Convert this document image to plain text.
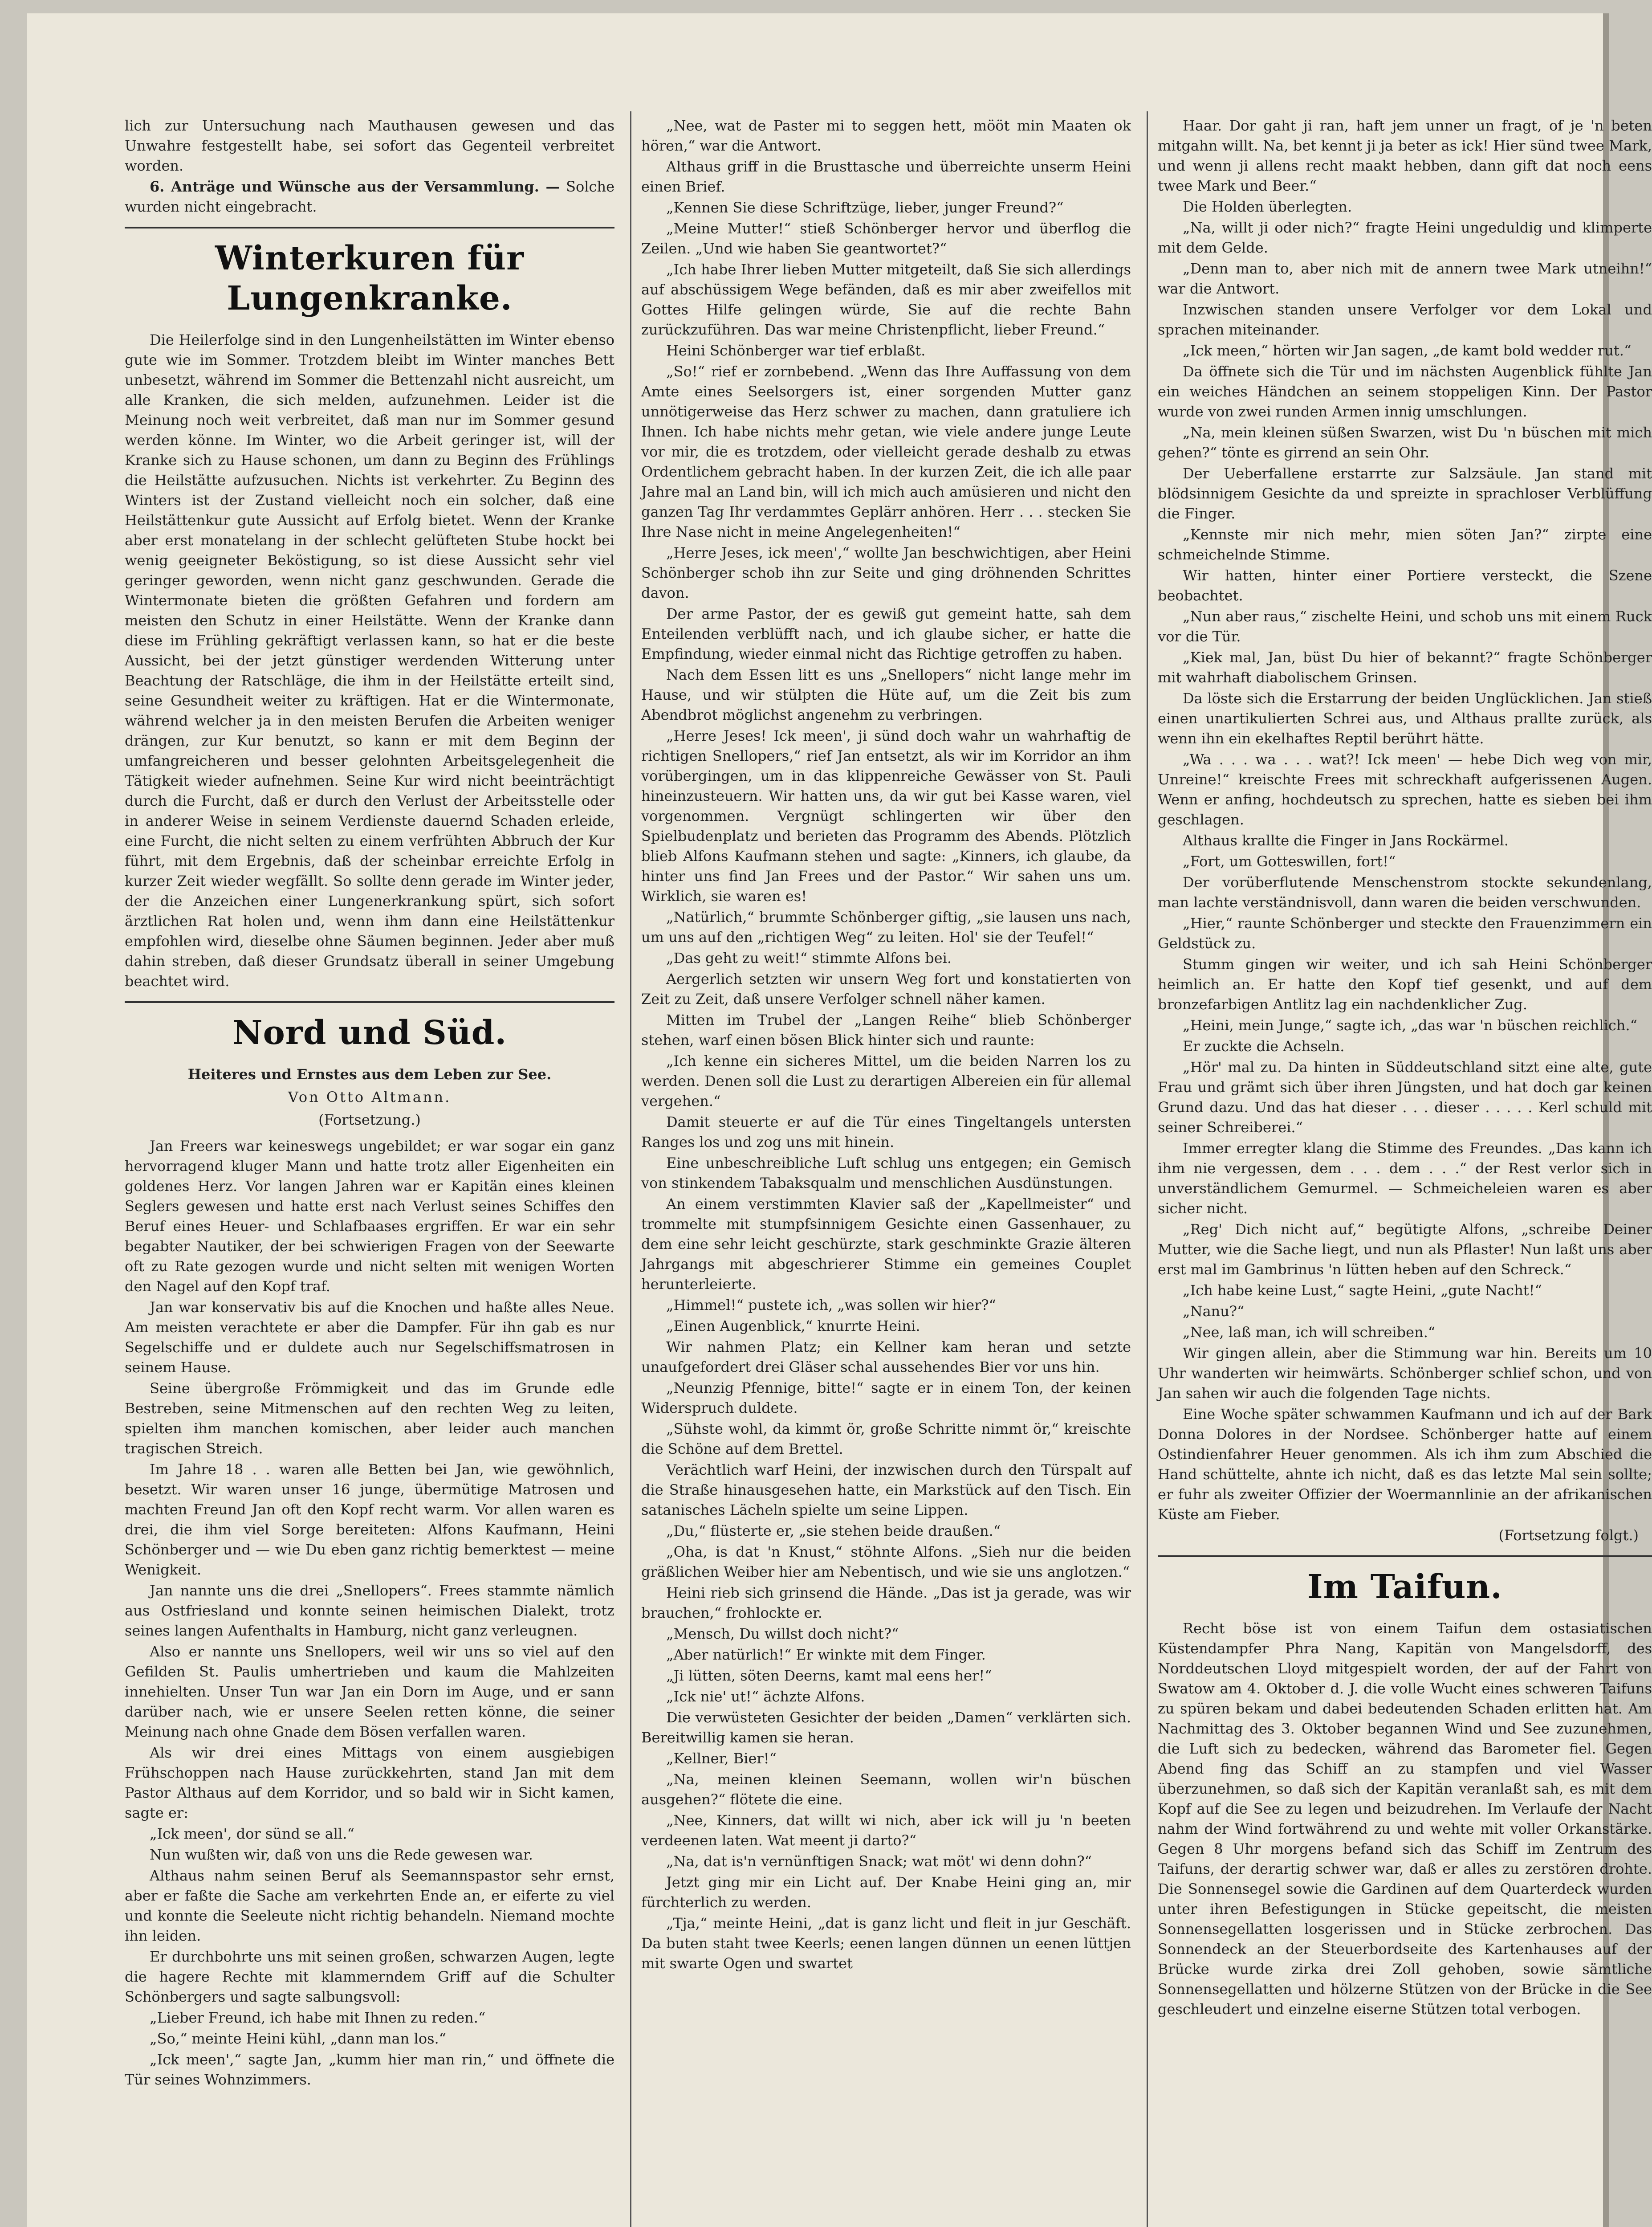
lich zur Untersuchung nach Mauthausen gewesen und das Unwahre festgestellt habe, sei sofort das Gegenteil verbreitet worden.

6. Anträge und Wünsche aus der Versammlung. — Solche wurden nicht eingebracht.

Winterkuren für Lungenkranke.

Die Heilerfolge sind in den Lungenheilstätten im Winter ebenso gute wie im Sommer. Trotzdem bleibt im Winter manches Bett unbesetzt, während im Sommer die Bettenzahl nicht ausreicht, um alle Kranken, die sich melden, aufzunehmen. Leider ist die Meinung noch weit verbreitet, daß man nur im Sommer gesund werden könne. Im Winter, wo die Arbeit geringer ist, will der Kranke sich zu Hause schonen, um dann zu Beginn des Frühlings die Heilstätte aufzusuchen. Nichts ist verkehrter. Zu Beginn des Winters ist der Zustand vielleicht noch ein solcher, daß eine Heilstättenkur gute Aussicht auf Erfolg bietet. Wenn der Kranke aber erst monatelang in der schlecht gelüfteten Stube hockt bei wenig geeigneter Beköstigung, so ist diese Aussicht sehr viel geringer geworden, wenn nicht ganz geschwunden. Gerade die Wintermonate bieten die größten Gefahren und fordern am meisten den Schutz in einer Heilstätte. Wenn der Kranke dann diese im Frühling gekräftigt verlassen kann, so hat er die beste Aussicht, bei der jetzt günstiger werdenden Witterung unter Beachtung der Ratschläge, die ihm in der Heilstätte erteilt sind, seine Gesundheit weiter zu kräftigen. Hat er die Wintermonate, während welcher ja in den meisten Berufen die Arbeiten weniger drängen, zur Kur benutzt, so kann er mit dem Beginn der umfangreicheren und besser gelohnten Arbeitsgelegenheit die Tätigkeit wieder aufnehmen. Seine Kur wird nicht beeinträchtigt durch die Furcht, daß er durch den Verlust der Arbeitsstelle oder in anderer Weise in seinem Verdienste dauernd Schaden erleide, eine Furcht, die nicht selten zu einem verfrühten Abbruch der Kur führt, mit dem Ergebnis, daß der scheinbar erreichte Erfolg in kurzer Zeit wieder wegfällt. So sollte denn gerade im Winter jeder, der die Anzeichen einer Lungenerkrankung spürt, sich sofort ärztlichen Rat holen und, wenn ihm dann eine Heilstättenkur empfohlen wird, dieselbe ohne Säumen beginnen. Jeder aber muß dahin streben, daß dieser Grundsatz überall in seiner Umgebung beachtet wird.

Nord und Süd.
Heiteres und Ernstes aus dem Leben zur See.
Von Otto Altmann.
(Fortsetzung.)

Jan Freers war keineswegs ungebildet; er war sogar ein ganz hervorragend kluger Mann und hatte trotz aller Eigenheiten ein goldenes Herz. Vor langen Jahren war er Kapitän eines kleinen Seglers gewesen und hatte erst nach Verlust seines Schiffes den Beruf eines Heuer- und Schlafbaases ergriffen. Er war ein sehr begabter Nautiker, der bei schwierigen Fragen von der Seewarte oft zu Rate gezogen wurde und nicht selten mit wenigen Worten den Nagel auf den Kopf traf.

Jan war konservativ bis auf die Knochen und haßte alles Neue. Am meisten verachtete er aber die Dampfer. Für ihn gab es nur Segelschiffe und er duldete auch nur Segelschiffsmatrosen in seinem Hause.

Seine übergroße Frömmigkeit und das im Grunde edle Bestreben, seine Mitmenschen auf den rechten Weg zu leiten, spielten ihm manchen komischen, aber leider auch manchen tragischen Streich.

Im Jahre 18 . . waren alle Betten bei Jan, wie gewöhnlich, besetzt. Wir waren unser 16 junge, übermütige Matrosen und machten Freund Jan oft den Kopf recht warm. Vor allen waren es drei, die ihm viel Sorge bereiteten: Alfons Kaufmann, Heini Schönberger und — wie Du eben ganz richtig bemerktest — meine Wenigkeit.

Jan nannte uns die drei „Snellopers“. Frees stammte nämlich aus Ostfriesland und konnte seinen heimischen Dialekt, trotz seines langen Aufenthalts in Hamburg, nicht ganz verleugnen.

Also er nannte uns Snellopers, weil wir uns so viel auf den Gefilden St. Paulis umhertrieben und kaum die Mahlzeiten innehielten. Unser Tun war Jan ein Dorn im Auge, und er sann darüber nach, wie er unsere Seelen retten könne, die seiner Meinung nach ohne Gnade dem Bösen verfallen waren.

Als wir drei eines Mittags von einem ausgiebigen Frühschoppen nach Hause zurückkehrten, stand Jan mit dem Pastor Althaus auf dem Korridor, und so bald wir in Sicht kamen, sagte er:

„Ick meen', dor sünd se all.“

Nun wußten wir, daß von uns die Rede gewesen war.

Althaus nahm seinen Beruf als Seemannspastor sehr ernst, aber er faßte die Sache am verkehrten Ende an, er eiferte zu viel und konnte die Seeleute nicht richtig behandeln. Niemand mochte ihn leiden.

Er durchbohrte uns mit seinen großen, schwarzen Augen, legte die hagere Rechte mit klammerndem Griff auf die Schulter Schönbergers und sagte salbungsvoll:

„Lieber Freund, ich habe mit Ihnen zu reden.“

„So,“ meinte Heini kühl, „dann man los.“

„Ick meen',“ sagte Jan, „kumm hier man rin,“ und öffnete die Tür seines Wohnzimmers.

„Nee, wat de Paster mi to seggen hett, mööt min Maaten ok hören,“ war die Antwort.

Althaus griff in die Brusttasche und überreichte unserm Heini einen Brief.

„Kennen Sie diese Schriftzüge, lieber, junger Freund?“

„Meine Mutter!“ stieß Schönberger hervor und überflog die Zeilen. „Und wie haben Sie geantwortet?“

„Ich habe Ihrer lieben Mutter mitgeteilt, daß Sie sich allerdings auf abschüssigem Wege befänden, daß es mir aber zweifellos mit Gottes Hilfe gelingen würde, Sie auf die rechte Bahn zurückzuführen. Das war meine Christenpflicht, lieber Freund.“

Heini Schönberger war tief erblaßt.

„So!“ rief er zornbebend. „Wenn das Ihre Auffassung von dem Amte eines Seelsorgers ist, einer sorgenden Mutter ganz unnötigerweise das Herz schwer zu machen, dann gratuliere ich Ihnen. Ich habe nichts mehr getan, wie viele andere junge Leute vor mir, die es trotzdem, oder vielleicht gerade deshalb zu etwas Ordentlichem gebracht haben. In der kurzen Zeit, die ich alle paar Jahre mal an Land bin, will ich mich auch amüsieren und nicht den ganzen Tag Ihr verdammtes Geplärr anhören. Herr . . . stecken Sie Ihre Nase nicht in meine Angelegenheiten!“

„Herre Jeses, ick meen',“ wollte Jan beschwichtigen, aber Heini Schönberger schob ihn zur Seite und ging dröhnenden Schrittes davon.

Der arme Pastor, der es gewiß gut gemeint hatte, sah dem Enteilenden verblüfft nach, und ich glaube sicher, er hatte die Empfindung, wieder einmal nicht das Richtige getroffen zu haben.

Nach dem Essen litt es uns „Snellopers“ nicht lange mehr im Hause, und wir stülpten die Hüte auf, um die Zeit bis zum Abendbrot möglichst angenehm zu verbringen.

„Herre Jeses! Ick meen', ji sünd doch wahr un wahrhaftig de richtigen Snellopers,“ rief Jan entsetzt, als wir im Korridor an ihm vorübergingen, um in das klippenreiche Gewässer von St. Pauli hineinzusteuern. Wir hatten uns, da wir gut bei Kasse waren, viel vorgenommen. Vergnügt schlingerten wir über den Spielbudenplatz und berieten das Programm des Abends. Plötzlich blieb Alfons Kaufmann stehen und sagte: „Kinners, ich glaube, da hinter uns find Jan Frees und der Pastor.“ Wir sahen uns um. Wirklich, sie waren es!

„Natürlich,“ brummte Schönberger giftig, „sie lausen uns nach, um uns auf den „richtigen Weg“ zu leiten. Hol' sie der Teufel!“

„Das geht zu weit!“ stimmte Alfons bei.

Aergerlich setzten wir unsern Weg fort und konstatierten von Zeit zu Zeit, daß unsere Verfolger schnell näher kamen.

Mitten im Trubel der „Langen Reihe“ blieb Schönberger stehen, warf einen bösen Blick hinter sich und raunte:

„Ich kenne ein sicheres Mittel, um die beiden Narren los zu werden. Denen soll die Lust zu derartigen Albereien ein für allemal vergehen.“

Damit steuerte er auf die Tür eines Tingeltangels untersten Ranges los und zog uns mit hinein.

Eine unbeschreibliche Luft schlug uns entgegen; ein Gemisch von stinkendem Tabaksqualm und menschlichen Ausdünstungen.

An einem verstimmten Klavier saß der „Kapellmeister“ und trommelte mit stumpfsinnigem Gesichte einen Gassenhauer, zu dem eine sehr leicht geschürzte, stark geschminkte Grazie älteren Jahrgangs mit abgeschrierer Stimme ein gemeines Couplet herunterleierte.

„Himmel!“ pustete ich, „was sollen wir hier?“

„Einen Augenblick,“ knurrte Heini.

Wir nahmen Platz; ein Kellner kam heran und setzte unaufgefordert drei Gläser schal aussehendes Bier vor uns hin.

„Neunzig Pfennige, bitte!“ sagte er in einem Ton, der keinen Widerspruch duldete.

„Sühste wohl, da kimmt ör, große Schritte nimmt ör,“ kreischte die Schöne auf dem Brettel.

Verächtlich warf Heini, der inzwischen durch den Türspalt auf die Straße hinausgesehen hatte, ein Markstück auf den Tisch. Ein satanisches Lächeln spielte um seine Lippen.

„Du,“ flüsterte er, „sie stehen beide draußen.“

„Oha, is dat 'n Knust,“ stöhnte Alfons. „Sieh nur die beiden gräßlichen Weiber hier am Nebentisch, und wie sie uns anglotzen.“

Heini rieb sich grinsend die Hände. „Das ist ja gerade, was wir brauchen,“ frohlockte er.

„Mensch, Du willst doch nicht?“

„Aber natürlich!“ Er winkte mit dem Finger.

„Ji lütten, söten Deerns, kamt mal eens her!“

„Ick nie' ut!“ ächzte Alfons.

Die verwüsteten Gesichter der beiden „Damen“ verklärten sich. Bereitwillig kamen sie heran.

„Kellner, Bier!“

„Na, meinen kleinen Seemann, wollen wir'n büschen ausgehen?“ flötete die eine.

„Nee, Kinners, dat willt wi nich, aber ick will ju 'n beeten verdeenen laten. Wat meent ji darto?“

„Na, dat is'n vernünftigen Snack; wat möt' wi denn dohn?“

Jetzt ging mir ein Licht auf. Der Knabe Heini ging an, mir fürchterlich zu werden.

„Tja,“ meinte Heini, „dat is ganz licht und fleit in jur Geschäft. Da buten staht twee Keerls; eenen langen dünnen un eenen lüttjen mit swarte Ogen und swartet

Haar. Dor gaht ji ran, haft jem unner un fragt, of je 'n beten mitgahn willt. Na, bet kennt ji ja beter as ick! Hier sünd twee Mark, und wenn ji allens recht maakt hebben, dann gift dat noch eens twee Mark und Beer.“

Die Holden überlegten.

„Na, willt ji oder nich?“ fragte Heini ungeduldig und klimperte mit dem Gelde.

„Denn man to, aber nich mit de annern twee Mark utneihn!“ war die Antwort.

Inzwischen standen unsere Verfolger vor dem Lokal und sprachen miteinander.

„Ick meen,“ hörten wir Jan sagen, „de kamt bold wedder rut.“

Da öffnete sich die Tür und im nächsten Augenblick fühlte Jan ein weiches Händchen an seinem stoppeligen Kinn. Der Pastor wurde von zwei runden Armen innig umschlungen.

„Na, mein kleinen süßen Swarzen, wist Du 'n büschen mit mich gehen?“ tönte es girrend an sein Ohr.

Der Ueberfallene erstarrte zur Salzsäule. Jan stand mit blödsinnigem Gesichte da und spreizte in sprachloser Verblüffung die Finger.

„Kennste mir nich mehr, mien söten Jan?“ zirpte eine schmeichelnde Stimme.

Wir hatten, hinter einer Portiere versteckt, die Szene beobachtet.

„Nun aber raus,“ zischelte Heini, und schob uns mit einem Ruck vor die Tür.

„Kiek mal, Jan, büst Du hier of bekannt?“ fragte Schönberger mit wahrhaft diabolischem Grinsen.

Da löste sich die Erstarrung der beiden Unglücklichen. Jan stieß einen unartikulierten Schrei aus, und Althaus prallte zurück, als wenn ihn ein ekelhaftes Reptil berührt hätte.

„Wa . . . wa . . . wat?! Ick meen' — hebe Dich weg von mir, Unreine!“ kreischte Frees mit schreckhaft aufgerissenen Augen. Wenn er anfing, hochdeutsch zu sprechen, hatte es sieben bei ihm geschlagen.

Althaus krallte die Finger in Jans Rockärmel.

„Fort, um Gotteswillen, fort!“

Der vorüberflutende Menschenstrom stockte sekundenlang, man lachte verständnisvoll, dann waren die beiden verschwunden.

„Hier,“ raunte Schönberger und steckte den Frauenzimmern ein Geldstück zu.

Stumm gingen wir weiter, und ich sah Heini Schönberger heimlich an. Er hatte den Kopf tief gesenkt, und auf dem bronzefarbigen Antlitz lag ein nachdenklicher Zug.

„Heini, mein Junge,“ sagte ich, „das war 'n büschen reichlich.“

Er zuckte die Achseln.

„Hör' mal zu. Da hinten in Süddeutschland sitzt eine alte, gute Frau und grämt sich über ihren Jüngsten, und hat doch gar keinen Grund dazu. Und das hat dieser . . . dieser . . . . . Kerl schuld mit seiner Schreiberei.“

Immer erregter klang die Stimme des Freundes. „Das kann ich ihm nie vergessen, dem . . . dem . . .“ der Rest verlor sich in unverständlichem Gemurmel. — Schmeicheleien waren es aber sicher nicht.

„Reg' Dich nicht auf,“ begütigte Alfons, „schreibe Deiner Mutter, wie die Sache liegt, und nun als Pflaster! Nun laßt uns aber erst mal im Gambrinus 'n lütten heben auf den Schreck.“

„Ich habe keine Lust,“ sagte Heini, „gute Nacht!“

„Nanu?“

„Nee, laß man, ich will schreiben.“

Wir gingen allein, aber die Stimmung war hin. Bereits um 10 Uhr wanderten wir heimwärts. Schönberger schlief schon, und von Jan sahen wir auch die folgenden Tage nichts.

Eine Woche später schwammen Kaufmann und ich auf der Bark Donna Dolores in der Nordsee. Schönberger hatte auf einem Ostindienfahrer Heuer genommen. Als ich ihm zum Abschied die Hand schüttelte, ahnte ich nicht, daß es das letzte Mal sein sollte; er fuhr als zweiter Offizier der Woermannlinie an der afrikanischen Küste am Fieber.

(Fortsetzung folgt.)
Im Taifun.

Recht böse ist von einem Taifun dem ostasiatischen Küstendampfer Phra Nang, Kapitän von Mangelsdorff, des Norddeutschen Lloyd mitgespielt worden, der auf der Fahrt von Swatow am 4. Oktober d. J. die volle Wucht eines schweren Taifuns zu spüren bekam und dabei bedeutenden Schaden erlitten hat. Am Nachmittag des 3. Oktober begannen Wind und See zuzunehmen, die Luft sich zu bedecken, während das Barometer fiel. Gegen Abend fing das Schiff an zu stampfen und viel Wasser überzunehmen, so daß sich der Kapitän veranlaßt sah, es mit dem Kopf auf die See zu legen und beizudrehen. Im Verlaufe der Nacht nahm der Wind fortwährend zu und wehte mit voller Orkanstärke. Gegen 8 Uhr morgens befand sich das Schiff im Zentrum des Taifuns, der derartig schwer war, daß er alles zu zerstören drohte. Die Sonnensegel sowie die Gardinen auf dem Quarterdeck wurden unter ihren Befestigungen in Stücke gepeitscht, die meisten Sonnensegellatten losgerissen und in Stücke zerbrochen. Das Sonnendeck an der Steuerbordseite des Kartenhauses auf der Brücke wurde zirka drei Zoll gehoben, sowie sämtliche Sonnensegellatten und hölzerne Stützen von der Brücke in die See geschleudert und einzelne eiserne Stützen total verbogen.
